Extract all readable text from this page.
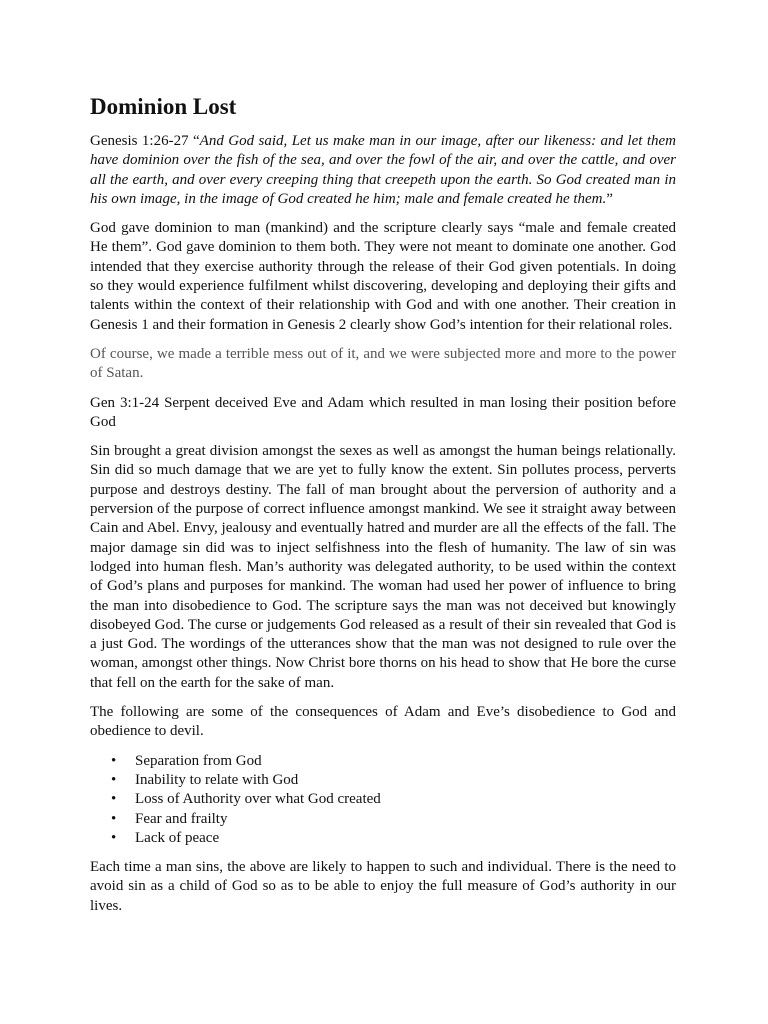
Dominion Lost

Genesis 1:26-27 “And God said, Let us make man in our image, after our likeness: and let them have dominion over the fish of the sea, and over the fowl of the air, and over the cattle, and over all the earth, and over every creeping thing that creepeth upon the earth. So God created man in his own image, in the image of God created he him; male and female created he them.”

God gave dominion to man (mankind) and the scripture clearly says “male and female created He them”. God gave dominion to them both. They were not meant to dominate one another. God intended that they exercise authority through the release of their God given potentials. In doing so they would experience fulfilment whilst discovering, developing and deploying their gifts and talents within the context of their relationship with God and with one another. Their creation in Genesis 1 and their formation in Genesis 2 clearly show God’s intention for their relational roles.

Of course, we made a terrible mess out of it, and we were subjected more and more to the power of Satan.

Gen 3:1-24 Serpent deceived Eve and Adam which resulted in man losing their position before God

Sin brought a great division amongst the sexes as well as amongst the human beings relationally. Sin did so much damage that we are yet to fully know the extent. Sin pollutes process, perverts purpose and destroys destiny. The fall of man brought about the perversion of authority and a perversion of the purpose of correct influence amongst mankind. We see it straight away between Cain and Abel. Envy, jealousy and eventually hatred and murder are all the effects of the fall. The major damage sin did was to inject selfishness into the flesh of humanity. The law of sin was lodged into human flesh. Man’s authority was delegated authority, to be used within the context of God’s plans and purposes for mankind. The woman had used her power of influence to bring the man into disobedience to God. The scripture says the man was not deceived but knowingly disobeyed God. The curse or judgements God released as a result of their sin revealed that God is a just God. The wordings of the utterances show that the man was not designed to rule over the woman, amongst other things. Now Christ bore thorns on his head to show that He bore the curse that fell on the earth for the sake of man.

The following are some of the consequences of Adam and Eve’s disobedience to God and obedience to devil.

• Separation from God
• Inability to relate with God
• Loss of Authority over what God created
• Fear and frailty
• Lack of peace

Each time a man sins, the above are likely to happen to such and individual. There is the need to avoid sin as a child of God so as to be able to enjoy the full measure of God’s authority in our lives.
